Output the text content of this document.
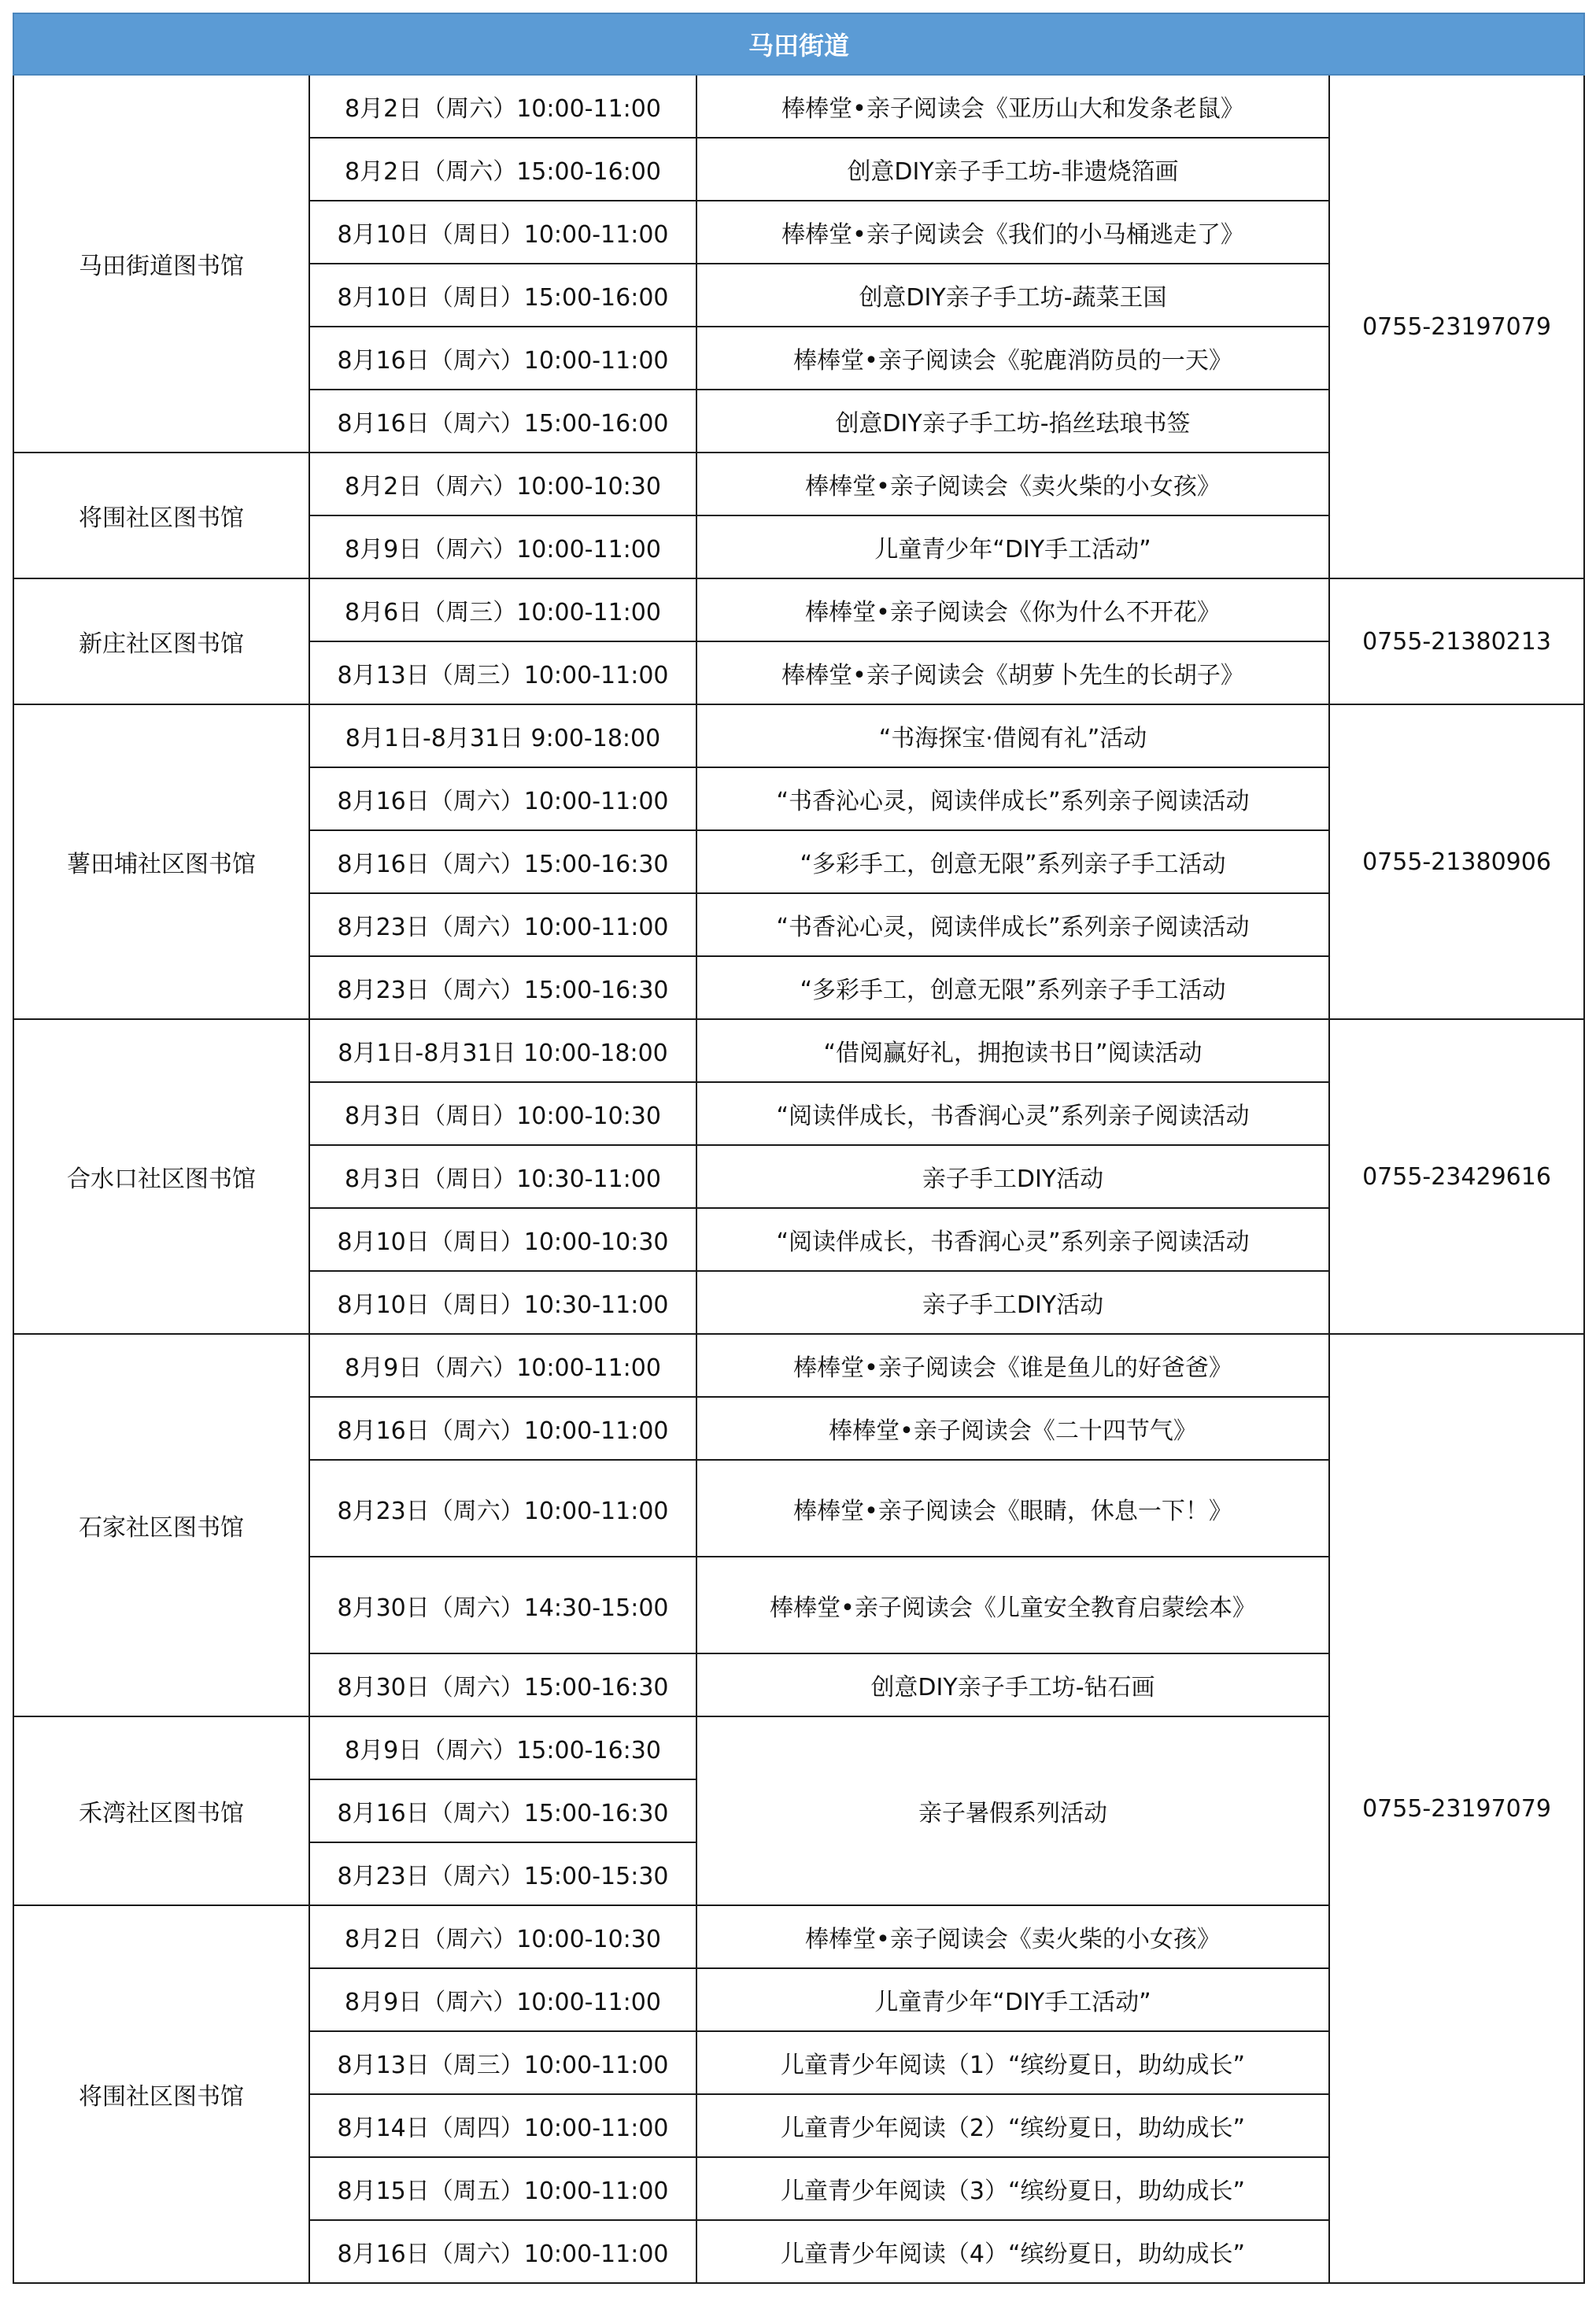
马田街道			
马田街道图书馆	8月2日（周六）10:00-11:00	棒棒堂•亲子阅读会《亚历山大和发条老鼠》	0755-23197079
	8月2日（周六）15:00-16:00	创意DIY亲子手工坊-非遗烧箔画	
	8月10日（周日）10:00-11:00	棒棒堂•亲子阅读会《我们的小马桶逃走了》	
	8月10日（周日）15:00-16:00	创意DIY亲子手工坊-蔬菜王国	
	8月16日（周六）10:00-11:00	棒棒堂•亲子阅读会《驼鹿消防员的一天》	
	8月16日（周六）15:00-16:00	创意DIY亲子手工坊-掐丝珐琅书签	
将围社区图书馆	8月2日（周六）10:00-10:30	棒棒堂•亲子阅读会《卖火柴的小女孩》	
	8月9日（周六）10:00-11:00	儿童青少年“DIY手工活动”	
新庄社区图书馆	8月6日（周三）10:00-11:00	棒棒堂•亲子阅读会《你为什么不开花》	0755-21380213
	8月13日（周三）10:00-11:00	棒棒堂•亲子阅读会《胡萝卜先生的长胡子》	
薯田埔社区图书馆	8月1日-8月31日 9:00-18:00	“书海探宝·借阅有礼”活动	0755-21380906
	8月16日（周六）10:00-11:00	“书香沁心灵，阅读伴成长”系列亲子阅读活动	
	8月16日（周六）15:00-16:30	“多彩手工，创意无限”系列亲子手工活动	
	8月23日（周六）10:00-11:00	“书香沁心灵，阅读伴成长”系列亲子阅读活动	
	8月23日（周六）15:00-16:30	“多彩手工，创意无限”系列亲子手工活动	
合水口社区图书馆	8月1日-8月31日 10:00-18:00	“借阅赢好礼，拥抱读书日”阅读活动	0755-23429616
	8月3日（周日）10:00-10:30	“阅读伴成长，书香润心灵”系列亲子阅读活动	
	8月3日（周日）10:30-11:00	亲子手工DIY活动	
	8月10日（周日）10:00-10:30	“阅读伴成长，书香润心灵”系列亲子阅读活动	
	8月10日（周日）10:30-11:00	亲子手工DIY活动	
石家社区图书馆	8月9日（周六）10:00-11:00	棒棒堂•亲子阅读会《谁是鱼儿的好爸爸》	0755-23197079
	8月16日（周六）10:00-11:00	棒棒堂•亲子阅读会《二十四节气》	
	8月23日（周六）10:00-11:00	棒棒堂•亲子阅读会《眼睛，休息一下！》	
	8月30日（周六）14:30-15:00	棒棒堂•亲子阅读会《儿童安全教育启蒙绘本》	
	8月30日（周六）15:00-16:30	创意DIY亲子手工坊-钻石画	
禾湾社区图书馆	8月9日（周六）15:00-16:30	亲子暑假系列活动	
	8月16日（周六）15:00-16:30		
	8月23日（周六）15:00-15:30		
将围社区图书馆	8月2日（周六）10:00-10:30	棒棒堂•亲子阅读会《卖火柴的小女孩》	
	8月9日（周六）10:00-11:00	儿童青少年“DIY手工活动”	
	8月13日（周三）10:00-11:00	儿童青少年阅读（1）“缤纷夏日，助幼成长”	
	8月14日（周四）10:00-11:00	儿童青少年阅读（2）“缤纷夏日，助幼成长”	
	8月15日（周五）10:00-11:00	儿童青少年阅读（3）“缤纷夏日，助幼成长”	
	8月16日（周六）10:00-11:00	儿童青少年阅读（4）“缤纷夏日，助幼成长”	
